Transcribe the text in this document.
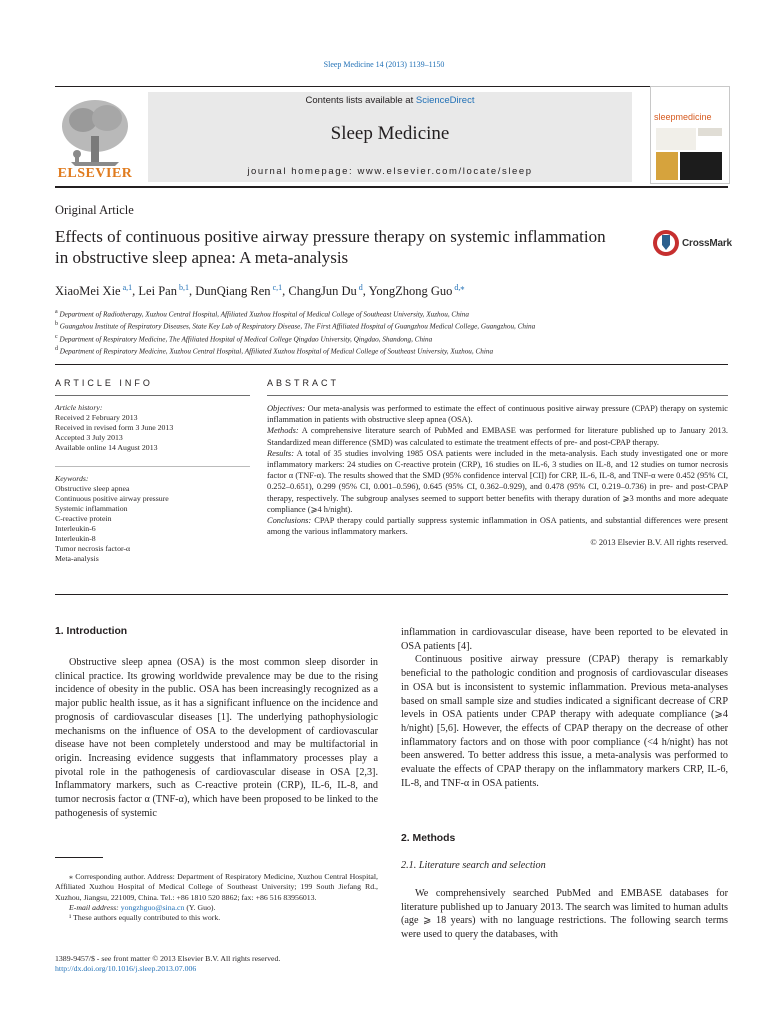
Sleep Medicine 14 (2013) 1139–1150
Contents lists available at ScienceDirect
Sleep Medicine
journal homepage: www.elsevier.com/locate/sleep
ELSEVIER
sleepmedicine
Original Article
Effects of continuous positive airway pressure therapy on systemic inflammation in obstructive sleep apnea: A meta-analysis
CrossMark
XiaoMei Xie $^{a,1}$, Lei Pan $^{b,1}$, DunQiang Ren $^{c,1}$, ChangJun Du $^d$, YongZhong Guo $^{d,⁎}$
$^a$ Department of Radiotherapy, Xuzhou Central Hospital, Affiliated Xuzhou Hospital of Medical College of Southeast University, Xuzhou, China
$^b$ Guangzhou Institute of Respiratory Diseases, State Key Lab of Respiratory Disease, The First Affiliated Hospital of Guangzhou Medical College, Guangzhou, China
$^c$ Department of Respiratory Medicine, The Affiliated Hospital of Medical College Qingdao University, Qingdao, Shandong, China
$^d$ Department of Respiratory Medicine, Xuzhou Central Hospital, Affiliated Xuzhou Hospital of Medical College of Southeast University, Xuzhou, China
ARTICLE INFO
Article history:
Received 2 February 2013
Received in revised form 3 June 2013
Accepted 3 July 2013
Available online 14 August 2013
Keywords:
Obstructive sleep apnea
Continuous positive airway pressure
Systemic inflammation
C-reactive protein
Interleukin-6
Interleukin-8
Tumor necrosis factor-α
Meta-analysis
ABSTRACT

Objectives: Our meta-analysis was performed to estimate the effect of continuous positive airway pressure (CPAP) therapy on systemic inflammation in patients with obstructive sleep apnea (OSA).

Methods: A comprehensive literature search of PubMed and EMBASE was performed for literature published up to January 2013. Standardized mean difference (SMD) was calculated to estimate the treatment effects of pre- and post-CPAP therapy.

Results: A total of 35 studies involving 1985 OSA patients were included in the meta-analysis. Each study investigated one or more inflammatory markers: 24 studies on C-reactive protein (CRP), 16 studies on IL-6, 3 studies on IL-8, and 12 studies on tumor necrosis factor α (TNF-α). The results showed that the SMD (95% confidence interval [CI]) for CRP, IL-6, IL-8, and TNF-α were 0.452 (95% CI, 0.252–0.651), 0.299 (95% CI, 0.001–0.596), 0.645 (95% CI, 0.362–0.929), and 0.478 (95% CI, 0.219–0.736) in pre- and post-CPAP therapy, respectively. The subgroup analyses seemed to support better benefits with therapy duration of ⩾3 months and more adequate compliance (⩾4 h/night).

Conclusions: CPAP therapy could partially suppress systemic inflammation in OSA patients, and substantial differences were present among the various inflammatory markers.

© 2013 Elsevier B.V. All rights reserved.

1. Introduction

Obstructive sleep apnea (OSA) is the most common sleep disorder in clinical practice. Its growing worldwide prevalence may be due to the rising incidence of obesity in the public. OSA has been increasingly recognized as a major public health issue, as it has a significant influence on the incidence and prognosis of cardiovascular diseases [1]. The underlying pathophysiologic mechanisms on the influence of OSA to the development of cardiovascular disease have not been completely understood and may be multifactorial in origin. Increasing evidence suggests that inflammatory processes play a pivotal role in the pathogenesis of cardiovascular disease in OSA [2,3]. Inflammatory markers, such as C-reactive protein (CRP), IL-6, IL-8, and tumor necrosis factor α (TNF-α), which have been proposed to be linked to the pathogenesis of systemic

⁎ Corresponding author. Address: Department of Respiratory Medicine, Xuzhou Central Hospital, Affiliated Xuzhou Hospital of Medical College of Southeast University; 199 South Jiefang Rd., Xuzhou, Jiangsu, 221009, China. Tel.: +86 1810 520 8862; fax: +86 516 83956013.

E-mail address: yongzhguo@sina.cn (Y. Guo).

¹ These authors equally contributed to this work.

1389-9457/$ - see front matter © 2013 Elsevier B.V. All rights reserved.

http://dx.doi.org/10.1016/j.sleep.2013.07.006

inflammation in cardiovascular disease, have been reported to be elevated in OSA patients [4].

Continuous positive airway pressure (CPAP) therapy is remarkably beneficial to the pathologic condition and prognosis of cardiovascular diseases in OSA but is inconsistent to systemic inflammation. Previous meta-analyses based on small sample size and studies indicated a significant decrease of CRP levels in OSA patients under CPAP therapy with adequate compliance (⩾4 h/night) [5,6]. However, the effects of CPAP therapy on the decrease of other inflammatory factors and on those with poor compliance (<4 h/night) has not been answered. To better address this issue, a meta-analysis was performed to evaluate the effects of CPAP therapy on the inflammatory markers CRP, IL-6, IL-8, and TNF-α in OSA patients.

2. Methods
2.1. Literature search and selection

We comprehensively searched PubMed and EMBASE databases for literature published up to January 2013. The search was limited to human adults (age ⩾ 18 years) with no language restrictions. The following search terms were used to query the databases, with
